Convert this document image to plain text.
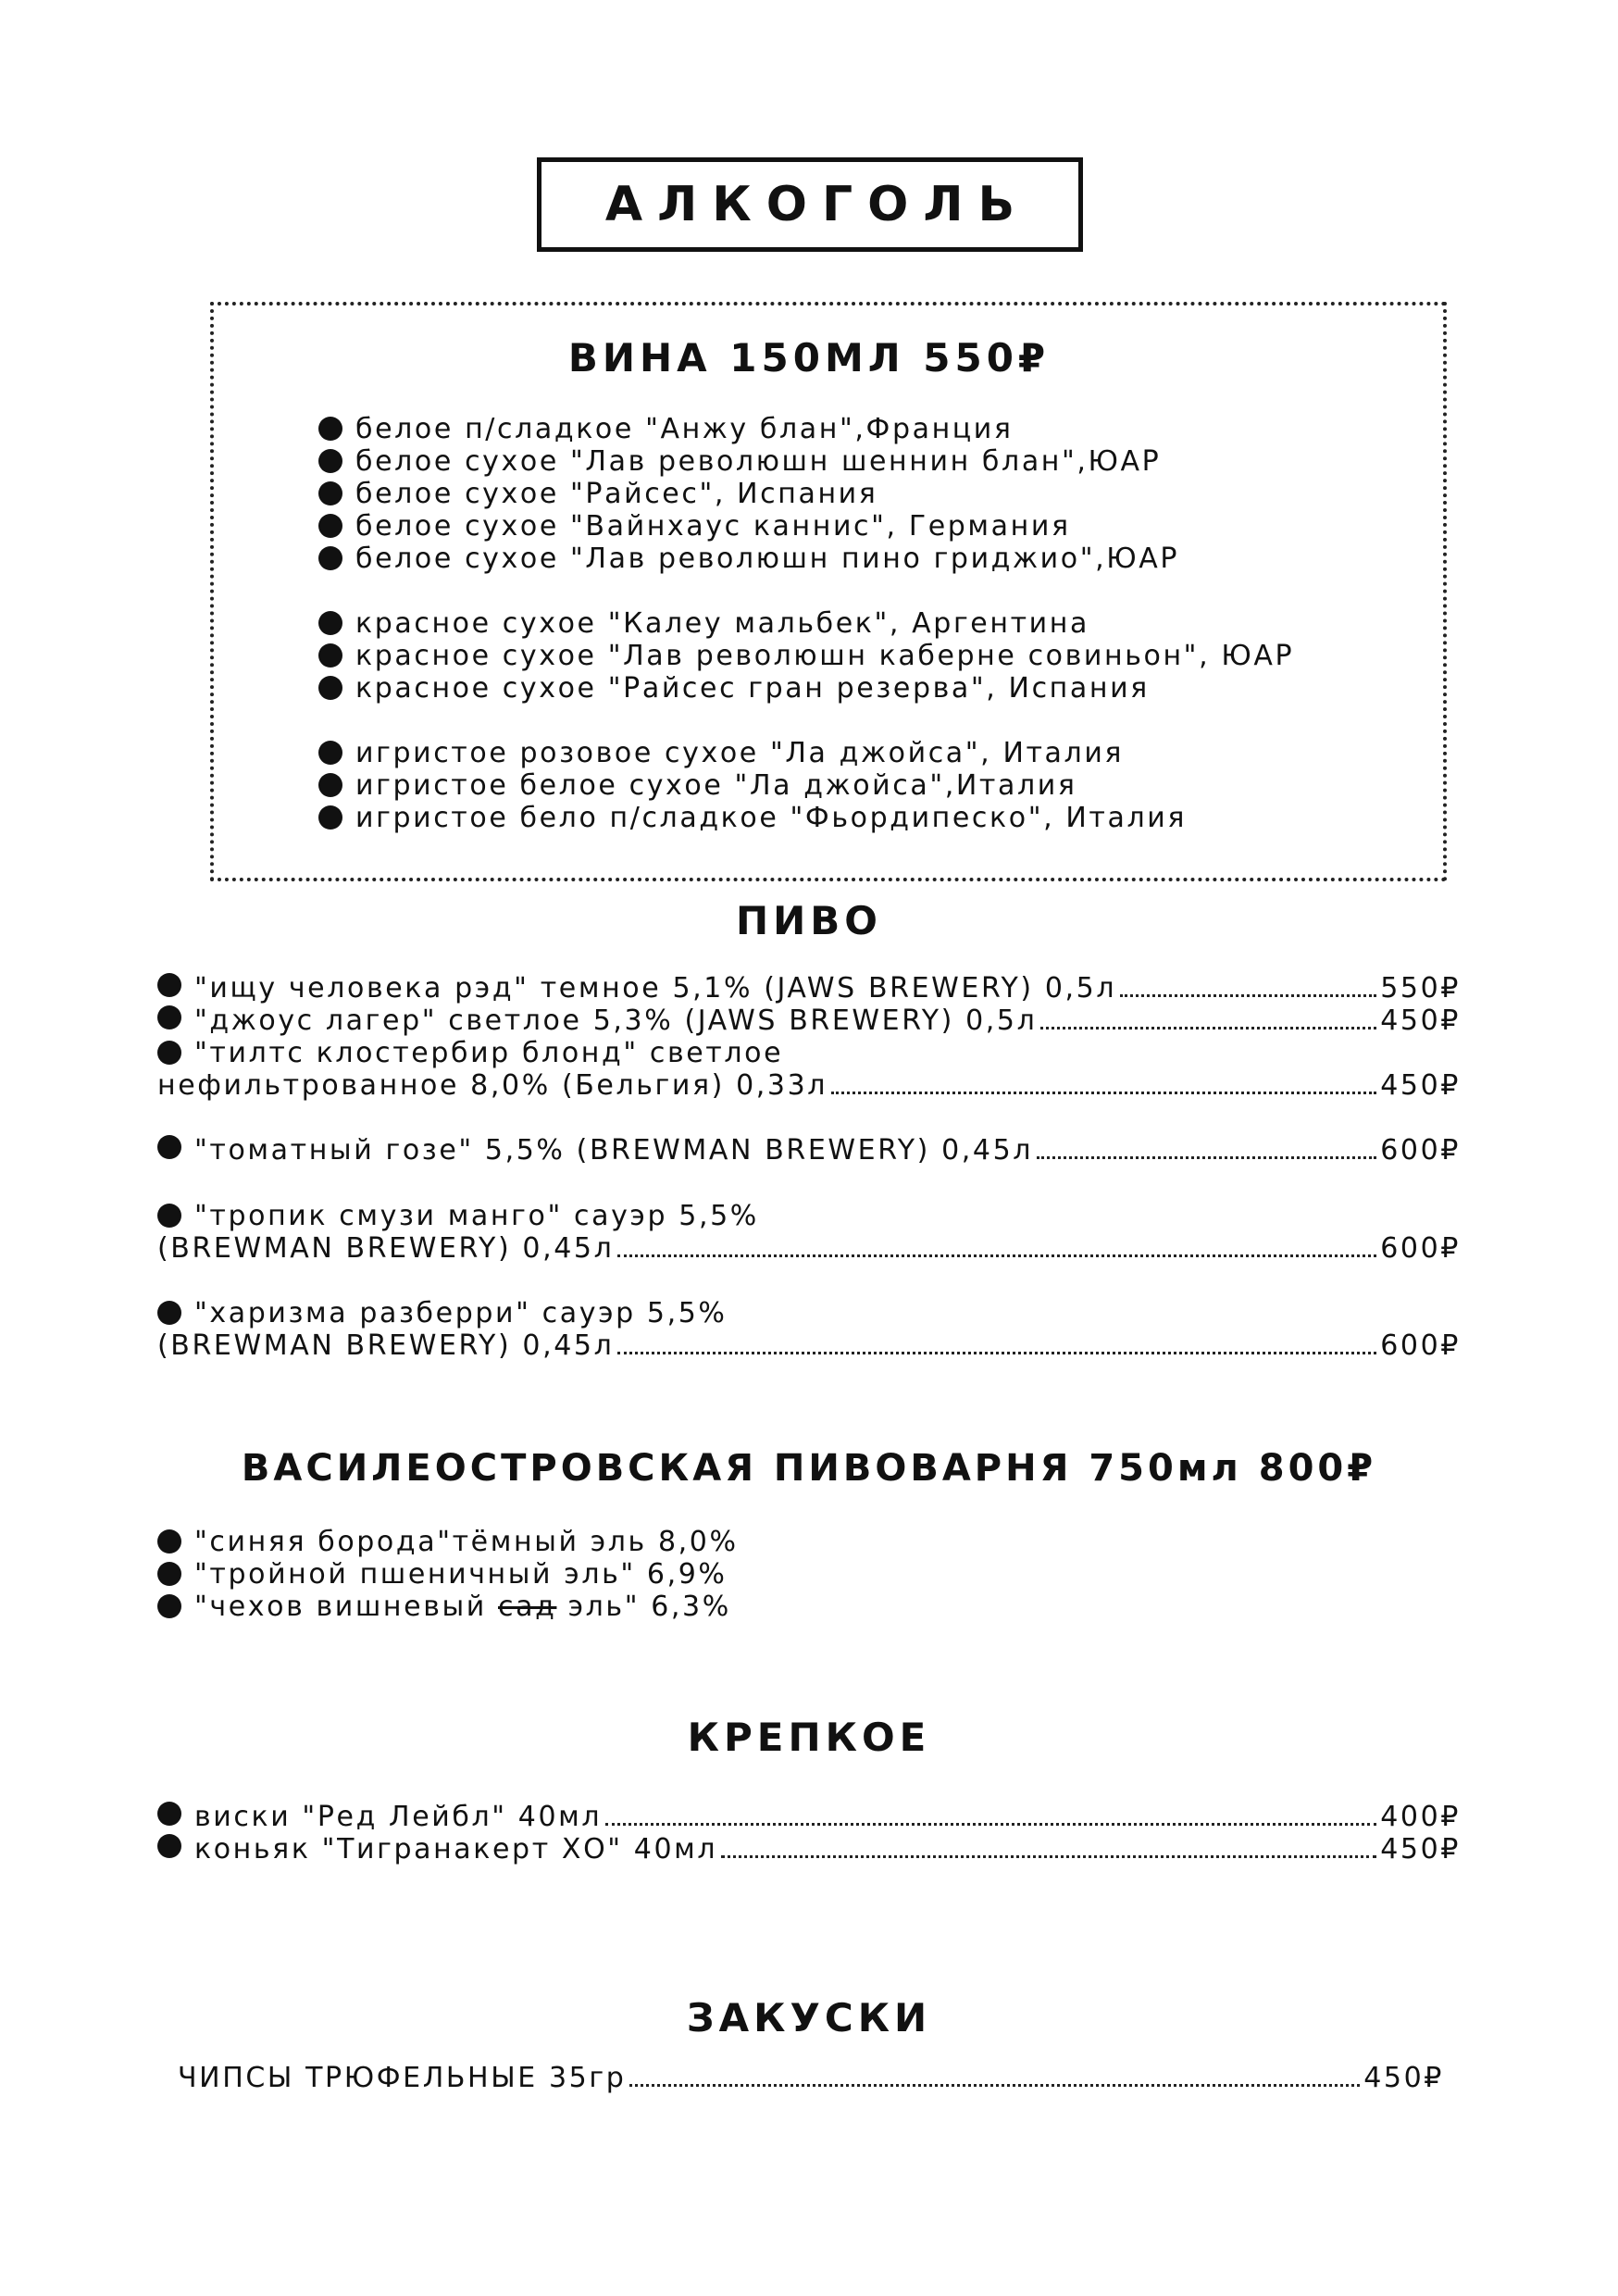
АЛКОГОЛЬ
ВИНА 150МЛ 550₽
белое п/сладкое "Анжу блан",Франция
белое сухое "Лав революшн шеннин блан",ЮАР
белое сухое "Райсес", Испания
белое сухое "Вайнхаус каннис", Германия
белое сухое "Лав революшн пино гриджио",ЮАР
красное сухое "Калеу мальбек", Аргентина
красное сухое "Лав революшн каберне совиньон", ЮАР
красное сухое "Райсес гран резерва", Испания
игристое розовое сухое "Ла джойса", Италия
игристое белое сухое "Ла джойса",Италия
игристое бело п/сладкое "Фьордипеско", Италия
ПИВО
"ищу человека рэд" темное 5,1% (JAWS BREWERY) 0,5л	550₽
"джоус лагер" светлое 5,3% (JAWS BREWERY) 0,5л	450₽
"тилтс клостербир блонд" светлое
нефильтрованное 8,0% (Бельгия) 0,33л	450₽
"томатный гозе" 5,5% (BREWMAN BREWERY) 0,45л	600₽
"тропик смузи манго" сауэр 5,5%
(BREWMAN BREWERY) 0,45л	600₽
"харизма разберри" сауэр 5,5%
(BREWMAN BREWERY) 0,45л	600₽
ВАСИЛЕОСТРОВСКАЯ ПИВОВАРНЯ 750мл 800₽
"синяя борода"тёмный эль 8,0%
"тройной пшеничный эль" 6,9%
"чехов вишневый сад эль" 6,3%
КРЕПКОЕ
виски "Ред Лейбл" 40мл	400₽
коньяк "Тигранакерт ХО" 40мл	450₽
ЗАКУСКИ
ЧИПСЫ ТРЮФЕЛЬНЫЕ 35гр	450₽
